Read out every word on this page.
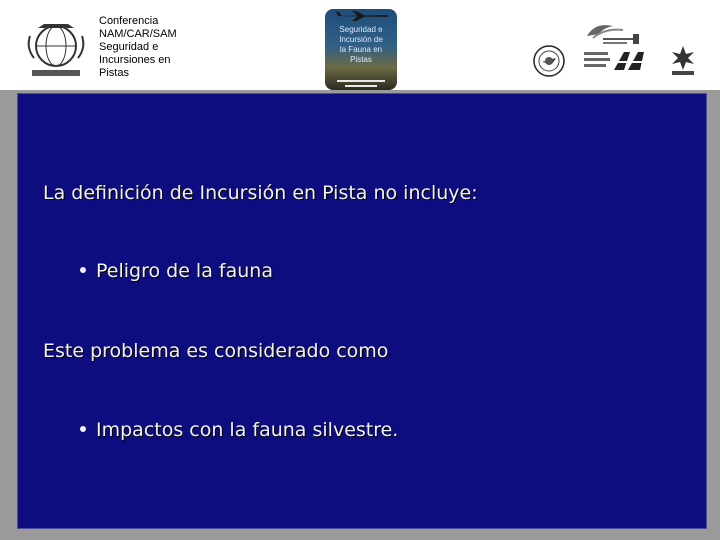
Conferencia
NAM/CAR/SAM
Seguridad e
Incursiones en
Pistas
Seguridad e
Incursión de
la Fauna en
Pistas
La definición de Incursión en Pista no incluye:
Peligro de la fauna
Este problema es considerado como
Impactos con la fauna silvestre.
